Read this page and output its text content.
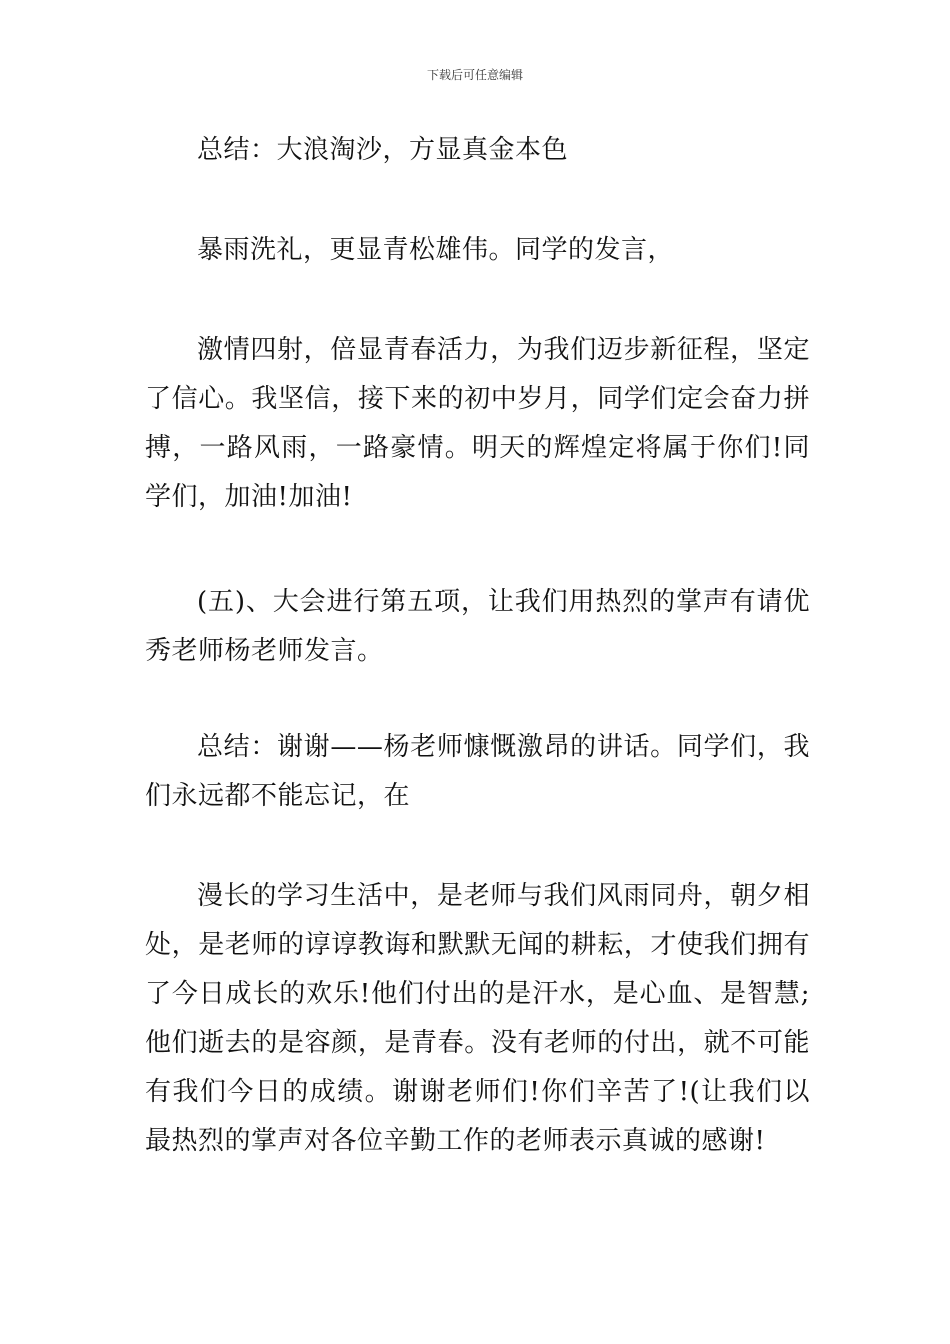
下载后可任意编辑

总结：大浪淘沙，方显真金本色

暴雨洗礼，更显青松雄伟。同学的发言，

激情四射，倍显青春活力，为我们迈步新征程，坚定了信心。我坚信，接下来的初中岁月，同学们定会奋力拼搏，一路风雨，一路豪情。明天的辉煌定将属于你们!同学们，加油!加油!

(五)、大会进行第五项，让我们用热烈的掌声有请优秀老师杨老师发言。

总结：谢谢——杨老师慷慨激昂的讲话。同学们，我们永远都不能忘记，在

漫长的学习生活中，是老师与我们风雨同舟，朝夕相处，是老师的谆谆教诲和默默无闻的耕耘，才使我们拥有了今日成长的欢乐!他们付出的是汗水，是心血、是智慧;他们逝去的是容颜，是青春。没有老师的付出，就不可能有我们今日的成绩。谢谢老师们!你们辛苦了!(让我们以最热烈的掌声对各位辛勤工作的老师表示真诚的感谢!
